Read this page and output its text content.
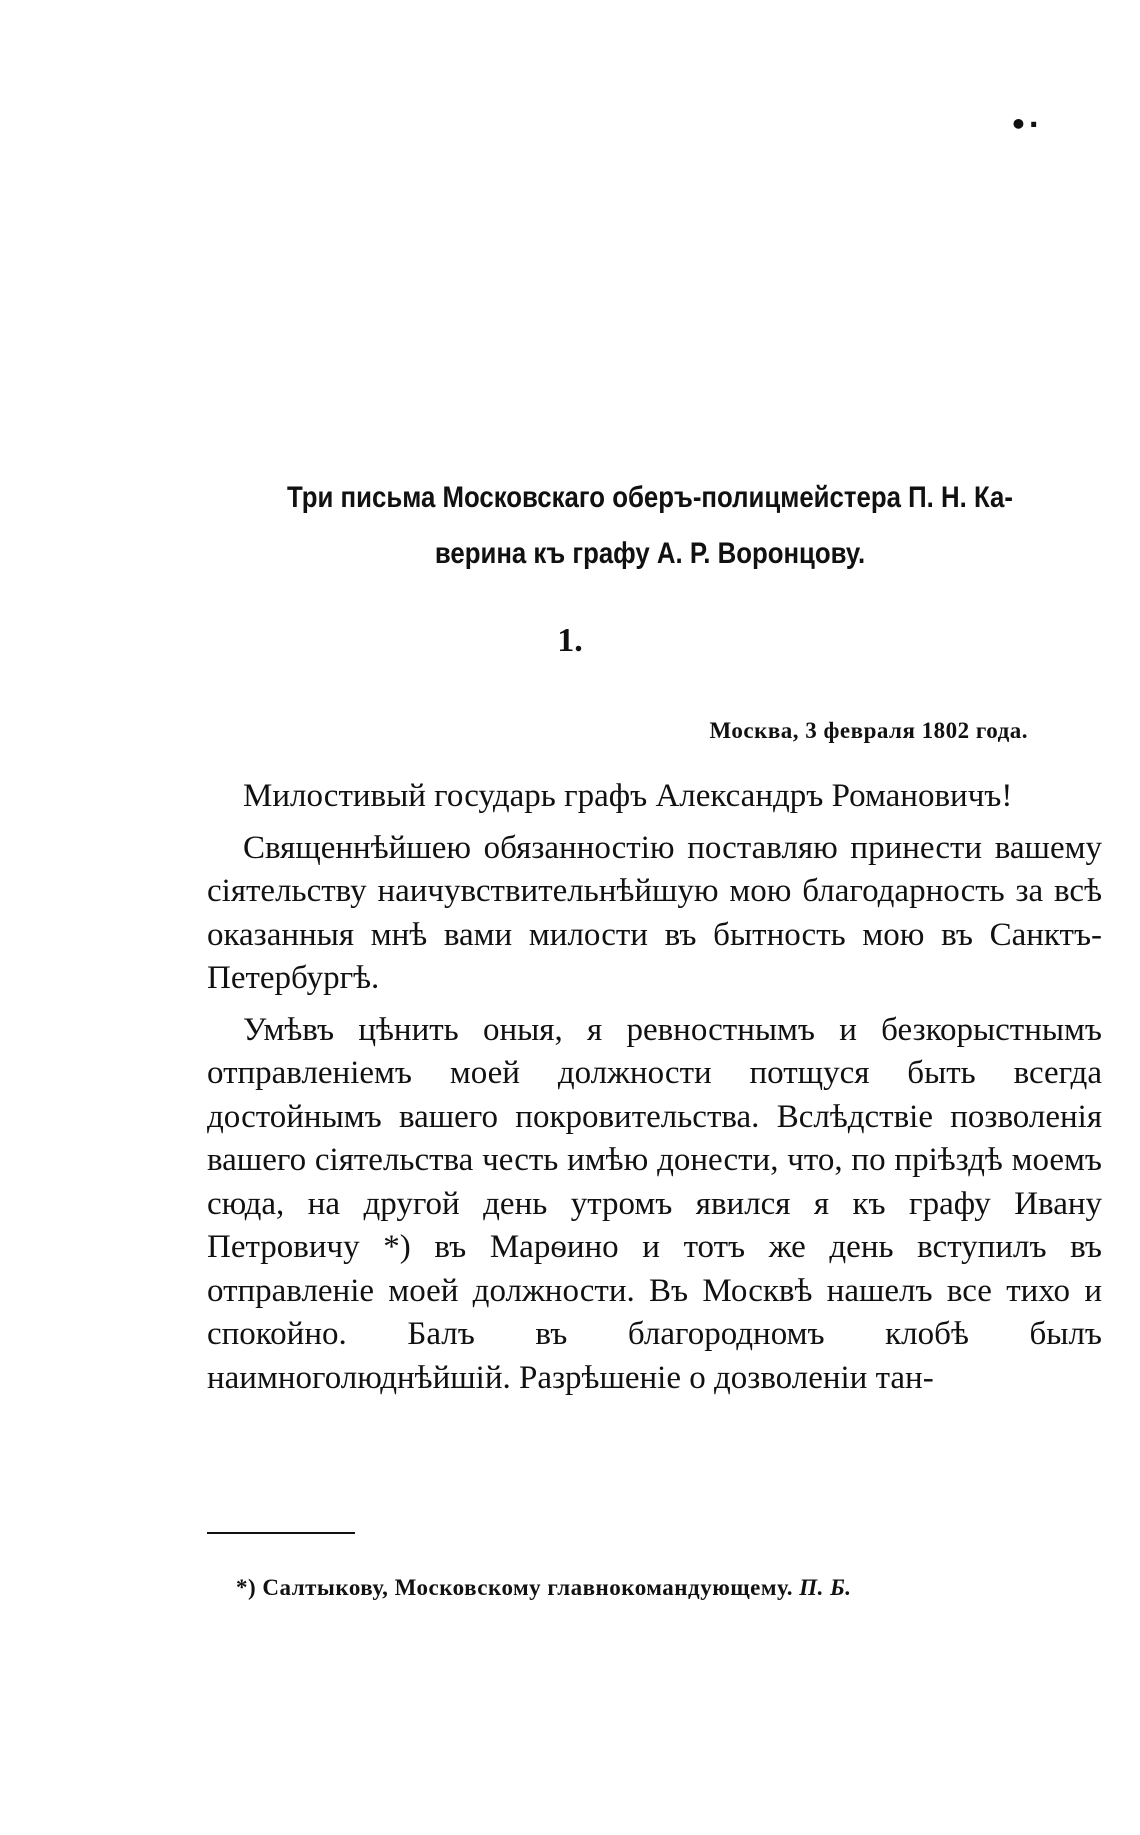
•·
Три письма Московскаго оберъ-полицмейстера П. Н. Ка-
верина къ графу А. Р. Воронцову.
1.
Москва, 3 февраля 1802 года.

Милостивый государь графъ Александръ Романовичъ!

Священнѣйшею обязанностію поставляю принести вашему сіятельству наичувствительнѣйшую мою благодарность за всѣ оказанныя мнѣ вами милости въ бытность мою въ Санктъ-Петербургѣ.

Умѣвъ цѣнить оныя, я ревностнымъ и безкорыстнымъ отправленіемъ моей должности потщуся быть всегда достойнымъ вашего покровительства. Вслѣдствіе позволенія вашего сіятельства честь имѣю донести, что, по пріѣздѣ моемъ сюда, на другой день утромъ явился я къ графу Ивану Петровичу *) въ Марѳино и тотъ же день вступилъ въ отправленіе моей должности. Въ Москвѣ нашелъ все тихо и спокойно. Балъ въ благородномъ клобѣ былъ наимноголюднѣйшій. Разрѣшеніе о дозволеніи тан-

*) Салтыкову, Московскому главнокомандующему. П. Б.
